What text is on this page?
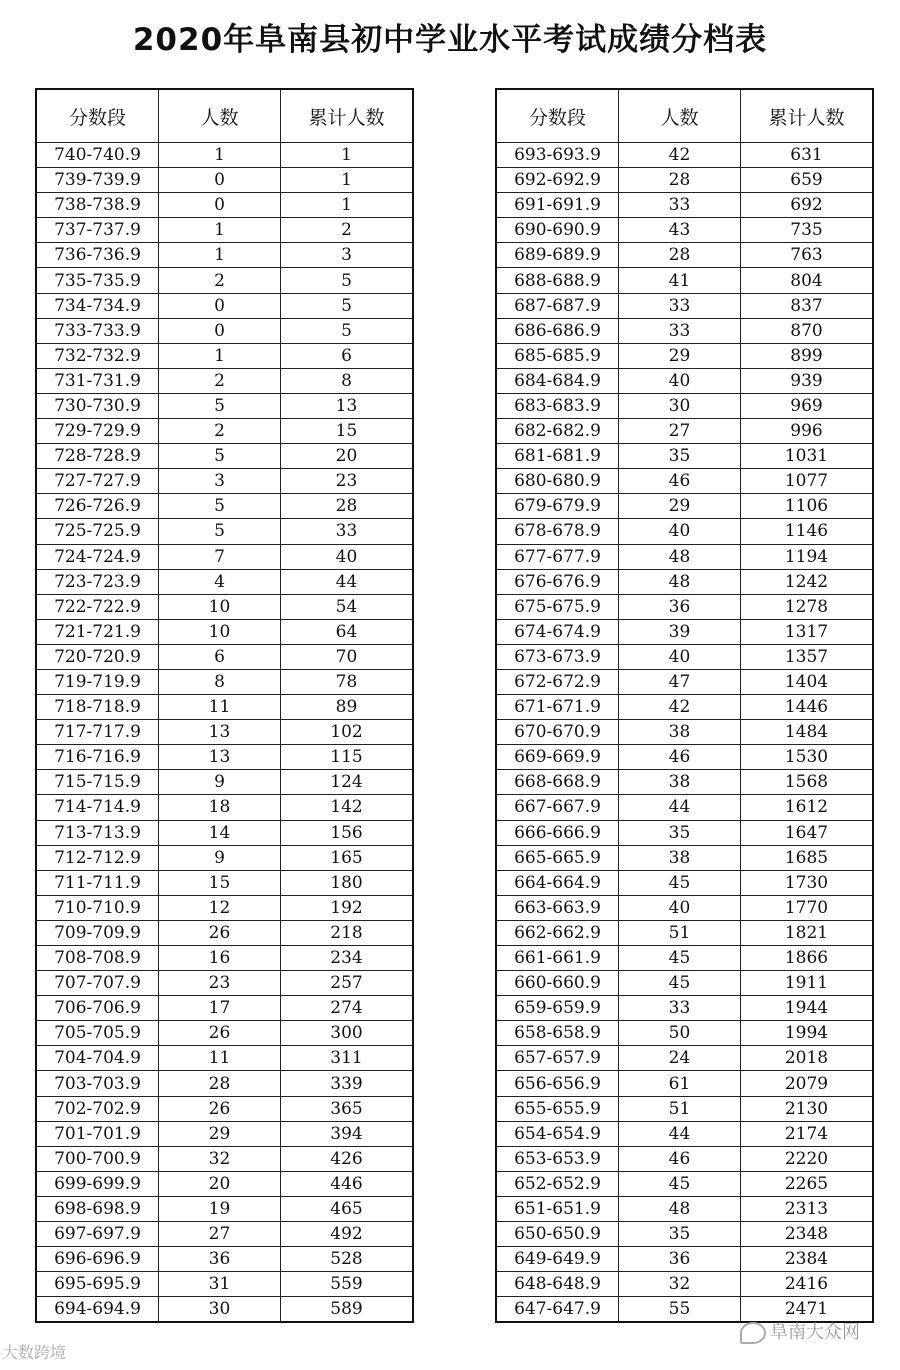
2020年阜南县初中学业水平考试成绩分档表
分数段	人数	累计人数
740-740.9	1	1
739-739.9	0	1
738-738.9	0	1
737-737.9	1	2
736-736.9	1	3
735-735.9	2	5
734-734.9	0	5
733-733.9	0	5
732-732.9	1	6
731-731.9	2	8
730-730.9	5	13
729-729.9	2	15
728-728.9	5	20
727-727.9	3	23
726-726.9	5	28
725-725.9	5	33
724-724.9	7	40
723-723.9	4	44
722-722.9	10	54
721-721.9	10	64
720-720.9	6	70
719-719.9	8	78
718-718.9	11	89
717-717.9	13	102
716-716.9	13	115
715-715.9	9	124
714-714.9	18	142
713-713.9	14	156
712-712.9	9	165
711-711.9	15	180
710-710.9	12	192
709-709.9	26	218
708-708.9	16	234
707-707.9	23	257
706-706.9	17	274
705-705.9	26	300
704-704.9	11	311
703-703.9	28	339
702-702.9	26	365
701-701.9	29	394
700-700.9	32	426
699-699.9	20	446
698-698.9	19	465
697-697.9	27	492
696-696.9	36	528
695-695.9	31	559
694-694.9	30	589
分数段	人数	累计人数
693-693.9	42	631
692-692.9	28	659
691-691.9	33	692
690-690.9	43	735
689-689.9	28	763
688-688.9	41	804
687-687.9	33	837
686-686.9	33	870
685-685.9	29	899
684-684.9	40	939
683-683.9	30	969
682-682.9	27	996
681-681.9	35	1031
680-680.9	46	1077
679-679.9	29	1106
678-678.9	40	1146
677-677.9	48	1194
676-676.9	48	1242
675-675.9	36	1278
674-674.9	39	1317
673-673.9	40	1357
672-672.9	47	1404
671-671.9	42	1446
670-670.9	38	1484
669-669.9	46	1530
668-668.9	38	1568
667-667.9	44	1612
666-666.9	35	1647
665-665.9	38	1685
664-664.9	45	1730
663-663.9	40	1770
662-662.9	51	1821
661-661.9	45	1866
660-660.9	45	1911
659-659.9	33	1944
658-658.9	50	1994
657-657.9	24	2018
656-656.9	61	2079
655-655.9	51	2130
654-654.9	44	2174
653-653.9	46	2220
652-652.9	45	2265
651-651.9	48	2313
650-650.9	35	2348
649-649.9	36	2384
648-648.9	32	2416
647-647.9	55	2471
大数跨境
阜南大众网
